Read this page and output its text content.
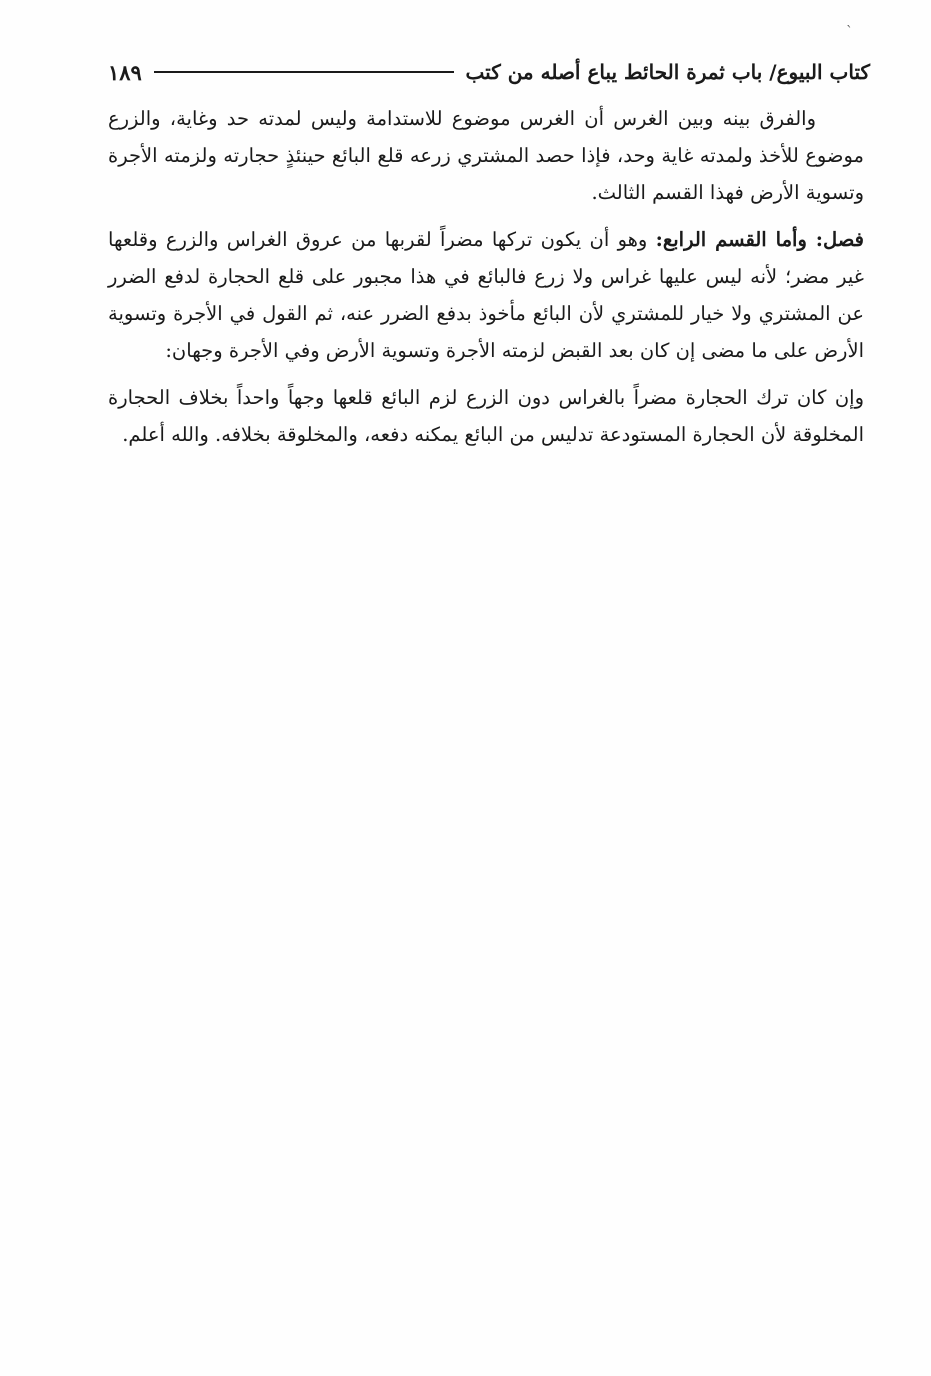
`
كتاب البيوع/ باب ثمرة الحائط يباع أصله من كتب
١٨٩

والفرق بينه وبين الغرس أن الغرس موضوع للاستدامة وليس لمدته حد وغاية، والزرع موضوع للأخذ ولمدته غاية وحد، فإذا حصد المشتري زرعه قلع البائع حينئذٍ حجارته ولزمته الأجرة وتسوية الأرض فهذا القسم الثالث.

فصل: وأما القسم الرابع: وهو أن يكون تركها مضراً لقربها من عروق الغراس والزرع وقلعها غير مضر؛ لأنه ليس عليها غراس ولا زرع فالبائع في هذا مجبور على قلع الحجارة لدفع الضرر عن المشتري ولا خيار للمشتري لأن البائع مأخوذ بدفع الضرر عنه، ثم القول في الأجرة وتسوية الأرض على ما مضى إن كان بعد القبض لزمته الأجرة وتسوية الأرض وفي الأجرة وجهان:

وإن كان ترك الحجارة مضراً بالغراس دون الزرع لزم البائع قلعها وجهاً واحداً بخلاف الحجارة المخلوقة لأن الحجارة المستودعة تدليس من البائع يمكنه دفعه، والمخلوقة بخلافه. والله أعلم.
